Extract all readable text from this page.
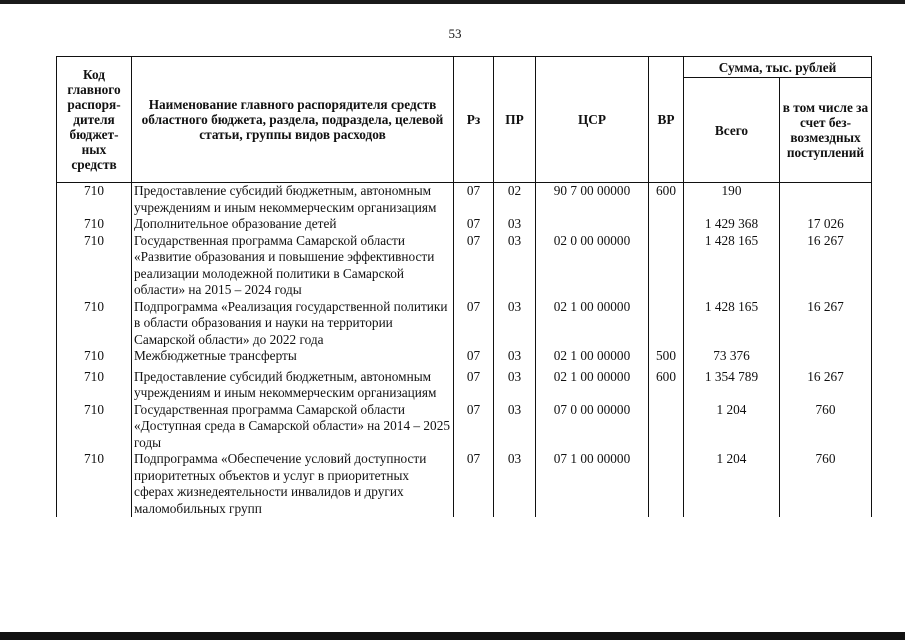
53
Код главного распоря-дителя бюджет-ных средств	Наименование главного распорядителя средств областного бюджета, раздела, подраздела, целевой статьи, группы видов расходов	Рз	ПР	ЦСР	ВР	Сумма, тыс. рублей	
						Всего	в том числе за счет без-возмездных поступлений
710	Предоставление субсидий бюджетным, автономным учреждениям и иным некоммерческим организациям	07	02	90 7 00 00000	600	190	
710	Дополнительное образование детей	07	03			1 429 368	17 026
710	Государственная программа Самарской области «Развитие образования и повышение эффективности реализации молодежной политики в Самарской области» на 2015 – 2024 годы	07	03	02 0 00 00000		1 428 165	16 267
710	Подпрограмма «Реализация государственной политики в области образования и науки на территории Самарской области» до 2022 года	07	03	02 1 00 00000		1 428 165	16 267
710	Межбюджетные трансферты	07	03	02 1 00 00000	500	73 376	
710	Предоставление субсидий бюджетным, автономным учреждениям и иным некоммерческим организациям	07	03	02 1 00 00000	600	1 354 789	16 267
710	Государственная программа Самарской области «Доступная среда в Самарской области» на 2014 – 2025 годы	07	03	07 0 00 00000		1 204	760
710	Подпрограмма «Обеспечение условий доступности приоритетных объектов и услуг в приоритетных сферах жизнедеятельности инвалидов и других маломобильных групп	07	03	07 1 00 00000		1 204	760
